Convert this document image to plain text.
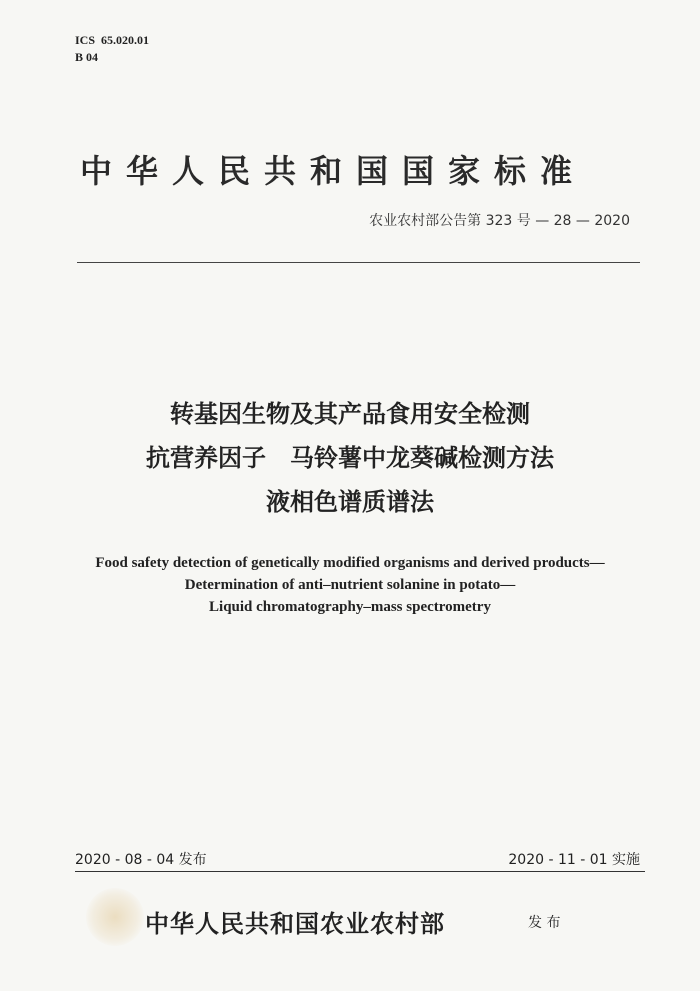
ICS  65.020.01
B 04
中华人民共和国国家标准
农业农村部公告第 323 号 — 28 — 2020
转基因生物及其产品食用安全检测
抗营养因子　马铃薯中龙葵碱检测方法
液相色谱质谱法
Food safety detection of genetically modified organisms and derived products—
Determination of anti–nutrient solanine in potato—
Liquid chromatography–mass spectrometry
2020 - 08 - 04 发布	2020 - 11 - 01 实施
中华人民共和国农业农村部	发 布
